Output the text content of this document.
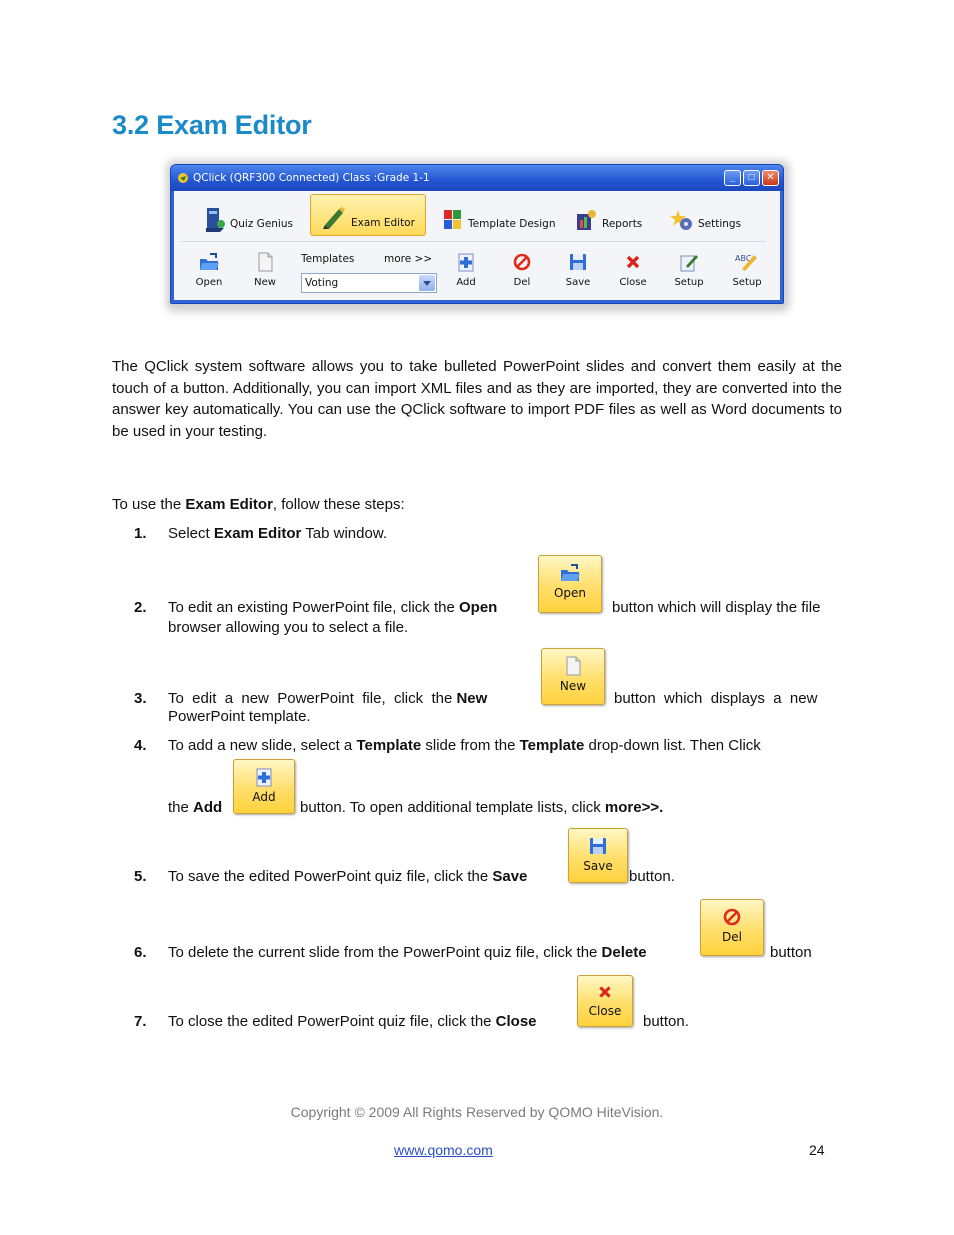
3.2 Exam Editor
QClick (QRF300 Connected) Class :Grade 1-1	_	□	✕
Quiz Genius	Exam Editor	Template Design	Reports	Settings
Open	New
Templates	more >>
Voting	Add	Del	Save	Close	Setup
ABC
Setup

The QClick system software allows you to take bulleted PowerPoint slides and convert them easily at the touch of a button. Additionally, you can import XML files and as they are imported, they are converted into the answer key automatically. You can use the QClick software to import PDF files as well as Word documents to be used in your testing.

To use the Exam Editor, follow these steps:
1. Select Exam Editor Tab window.
2. To edit an existing PowerPoint file, click the Open
Open
button which will display the file
browser allowing you to select a file.
3. To  edit  a  new  PowerPoint  file,  click  the New
New
button  which  displays  a  new
PowerPoint template.
4. To add a new slide, select a Template slide from the Template drop-down list. Then Click
the Add
Add
button. To open additional template lists, click more>>.
5. To save the edited PowerPoint quiz file, click the Save
Save
button.
6. To delete the current slide from the PowerPoint quiz file, click the Delete
Del
button
7. To close the edited PowerPoint quiz file, click the Close
Close
button.
Copyright © 2009 All Rights Reserved by QOMO HiteVision.
www.qomo.com	24
